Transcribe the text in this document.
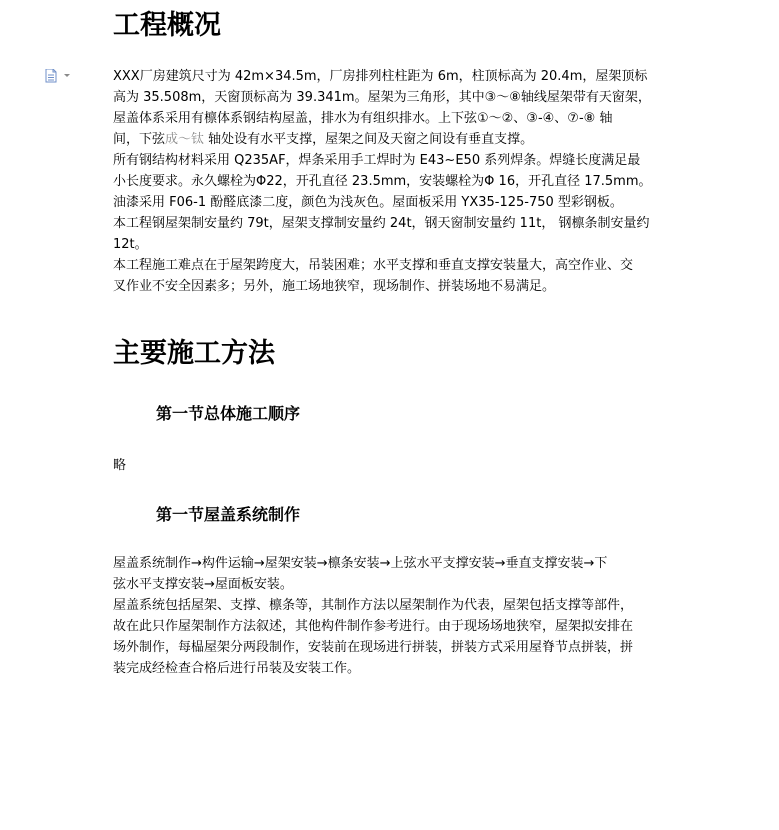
工程概况

XXX厂房建筑尺寸为 42m×34.5m，厂房排列柱柱距为 6m，柱顶标高为 20.4m，屋架顶标
高为 35.508m，天窗顶标高为 39.341m。屋架为三角形，其中③～⑧轴线屋架带有天窗架，
屋盖体系采用有檩体系钢结构屋盖，排水为有组织排水。上下弦①～②、③-④、⑦-⑧ 轴
间，下弦成～钛 轴处设有水平支撑，屋架之间及天窗之间设有垂直支撑。

所有钢结构材料采用 Q235AF，焊条采用手工焊时为 E43~E50 系列焊条。焊缝长度满足最
小长度要求。永久螺栓为Φ22，开孔直径 23.5mm，安装螺栓为Φ 16，开孔直径 17.5mm。
油漆采用 F06-1 酚醛底漆二度，颜色为浅灰色。屋面板采用 YX35-125-750 型彩钢板。

本工程钢屋架制安量约 79t，屋架支撑制安量约 24t，钢天窗制安量约 11t， 钢檩条制安量约
12t。

本工程施工难点在于屋架跨度大，吊装困难；水平支撑和垂直支撑安装量大，高空作业、交
叉作业不安全因素多；另外，施工场地狭窄，现场制作、拼装场地不易满足。

主要施工方法
第一节总体施工顺序

略

第一节屋盖系统制作

屋盖系统制作→构件运输→屋架安装→檩条安装→上弦水平支撑安装→垂直支撑安装→下
弦水平支撑安装→屋面板安装。

屋盖系统包括屋架、支撑、檩条等，其制作方法以屋架制作为代表，屋架包括支撑等部件，
故在此只作屋架制作方法叙述，其他构件制作参考进行。由于现场场地狭窄，屋架拟安排在
场外制作，每榀屋架分两段制作，安装前在现场进行拼装，拼装方式采用屋脊节点拼装，拼
装完成经检查合格后进行吊装及安装工作。
